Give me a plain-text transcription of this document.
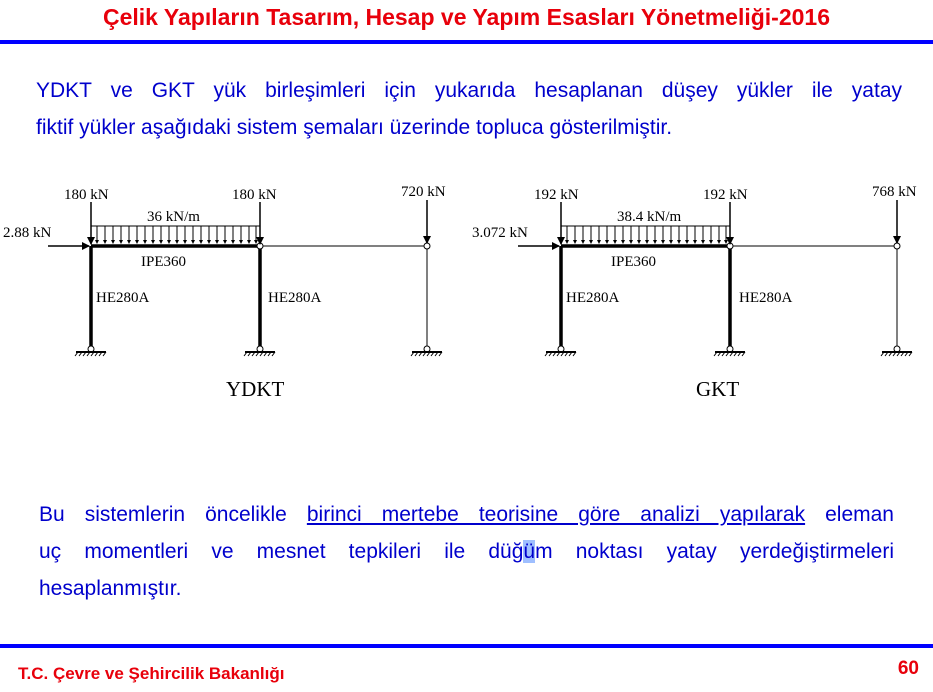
Çelik Yapıların Tasarım, Hesap ve Yapım Esasları Yönetmeliği-2016
YDKT ve GKT yük birleşimleri için yukarıda hesaplanan düşey yükler ile yatay
fiktif yükler aşağıdaki sistem şemaları üzerinde topluca gösterilmiştir.
180 kN	180 kN	720 kN
36 kN/m
2.88 kN
IPE360
HE280A	HE280A
YDKT
192 kN	192 kN	768 kN
38.4 kN/m
3.072 kN
IPE360
HE280A	HE280A
GKT
Bu sistemlerin öncelikle birinci mertebe teorisine göre analizi yapılarak eleman
uç momentleri ve mesnet tepkileri ile düğüm noktası yatay yerdeğiştirmeleri
hesaplanmıştır.
T.C. Çevre ve Şehircilik Bakanlığı	60
